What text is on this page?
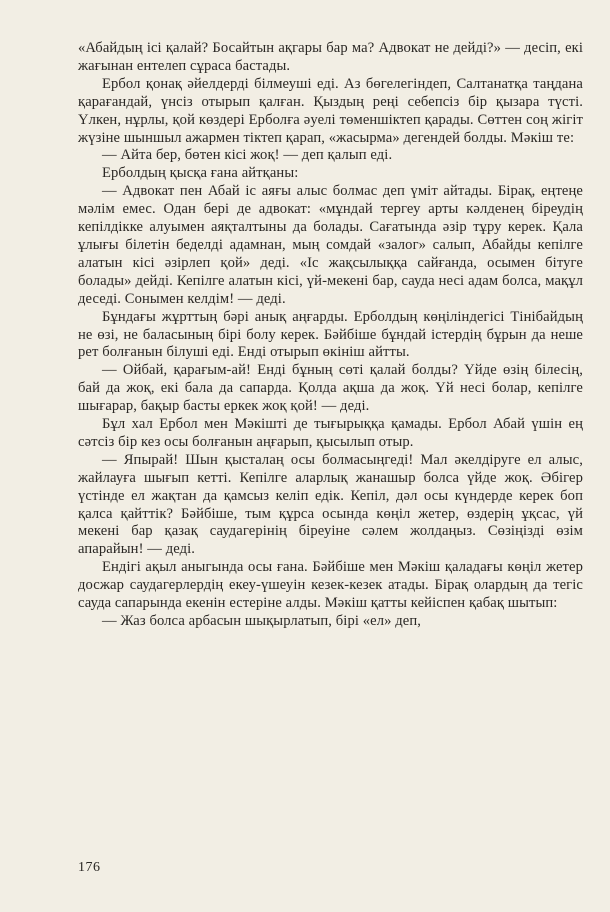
«Абайдың ісі қалай? Босайтын ақгары бар ма? Адвокат не дейді?» — десіп, екі жағынан ентелеп сұраса бастады.

Ербол қонақ әйелдерді білмеуші еді. Аз бөгелегіндеп, Салтанатқа таңдана қарағандай, үнсіз отырып қалған. Қыздың реңі себепсіз бір қызара түсті. Үлкен, нұрлы, қой көздері Ерболға әуелі төменшіктеп қарады. Сөттен соң жігіт жүзіне шыншыл ажармен тіктеп қарап, «жасырма» дегендей болды. Мәкіш те:

— Айта бер, бөтен кісі жоқ! — деп қалып еді.

Ерболдың қысқа ғана айтқаны:

— Адвокат пен Абай іс аяғы алыс болмас деп үміт айтады. Бірақ, еңтеңе мәлім емес. Одан бері де адвокат: «мұндай тергеу арты кәлденең біреудің кепілдікке алуымен аяқталтыны да болады. Сағатында әзір тұру керек. Қала ұлығы білетін беделді адамнан, мың сомдай «залог» салып, Абайды кепілге алатын кісі әзірлеп қой» деді. «Іс жақсылыққа сайғанда, осымен бітуге болады» дейді. Кепілге алатын кісі, үй-мекені бар, сауда несі адам болса, мақұл деседі. Сонымен келдім! — деді.

Бұндағы жұрттың бәрі анық аңғарды. Ерболдың көңіліндегісі Тінібайдың не өзі, не баласының бірі болу керек. Бәйбіше бұндай істердің бұрын да неше рет болғанын білуші еді. Енді отырып өкініш айтты.

— Ойбай, қарағым-ай! Енді бұның сөті қалай болды? Үйде өзің білесің, бай да жоқ, екі бала да сапарда. Қолда ақша да жоқ. Үй несі болар, кепілге шығарар, бақыр басты еркек жоқ қой! — деді.

Бұл хал Ербол мен Мәкішті де тығырыққа қамады. Ербол Абай үшін ең сәтсіз бір кез осы болғанын аңғарып, қысылып отыр.

— Япырай! Шын қысталаң осы болмасыңгеді! Мал әкелдіруге ел алыс, жайлауға шығып кетті. Кепілге аларлық жанашыр болса үйде жоқ. Әбігер үстінде ел жақтан да қамсыз келіп едік. Кепіл, дәл осы күндерде керек боп қалса қайттік? Бәйбіше, тым құрса осында көңіл жетер, өздерің ұқсас, үй мекені бар қазақ саудагерінің біреуіне сәлем жолдаңыз. Сөзіңізді өзім апарайын! — деді.

Ендігі ақыл аныгында осы ғана. Бәйбіше мен Мәкіш қаладағы көңіл жетер досжар саудагерлердің екеу-үшеуін кезек-кезек атады. Бірақ олардың да тегіс сауда сапарында екенін естеріне алды. Мәкіш қатты кейіспен қабақ шытып:

— Жаз болса арбасын шықырлатып, бірі «ел» деп,

176
